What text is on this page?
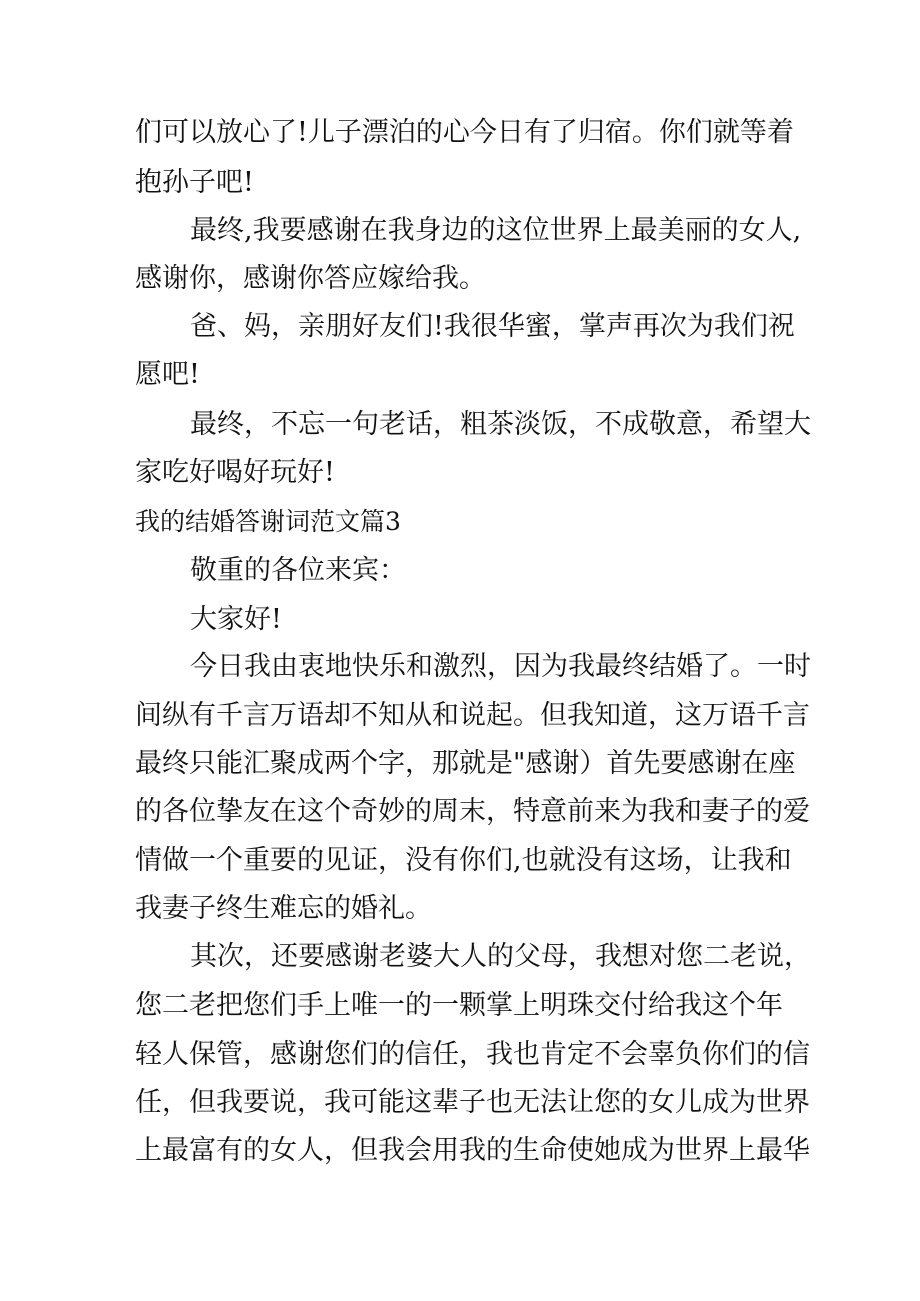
们可以放心了!儿子漂泊的心今日有了归宿。你们就等着
抱孙子吧!
最终,我要感谢在我身边的这位世界上最美丽的女人,
感谢你，感谢你答应嫁给我。
爸、妈，亲朋好友们!我很华蜜，掌声再次为我们祝
愿吧!
最终，不忘一句老话，粗茶淡饭，不成敬意，希望大
家吃好喝好玩好!
我的结婚答谢词范文篇3
敬重的各位来宾：
大家好!
今日我由衷地快乐和激烈，因为我最终结婚了。一时
间纵有千言万语却不知从和说起。但我知道，这万语千言
最终只能汇聚成两个字，那就是"感谢）首先要感谢在座
的各位挚友在这个奇妙的周末，特意前来为我和妻子的爱
情做一个重要的见证，没有你们,也就没有这场，让我和
我妻子终生难忘的婚礼。
其次，还要感谢老婆大人的父母，我想对您二老说，
您二老把您们手上唯一的一颗掌上明珠交付给我这个年
轻人保管，感谢您们的信任，我也肯定不会辜负你们的信
任，但我要说，我可能这辈子也无法让您的女儿成为世界
上最富有的女人，但我会用我的生命使她成为世界上最华
